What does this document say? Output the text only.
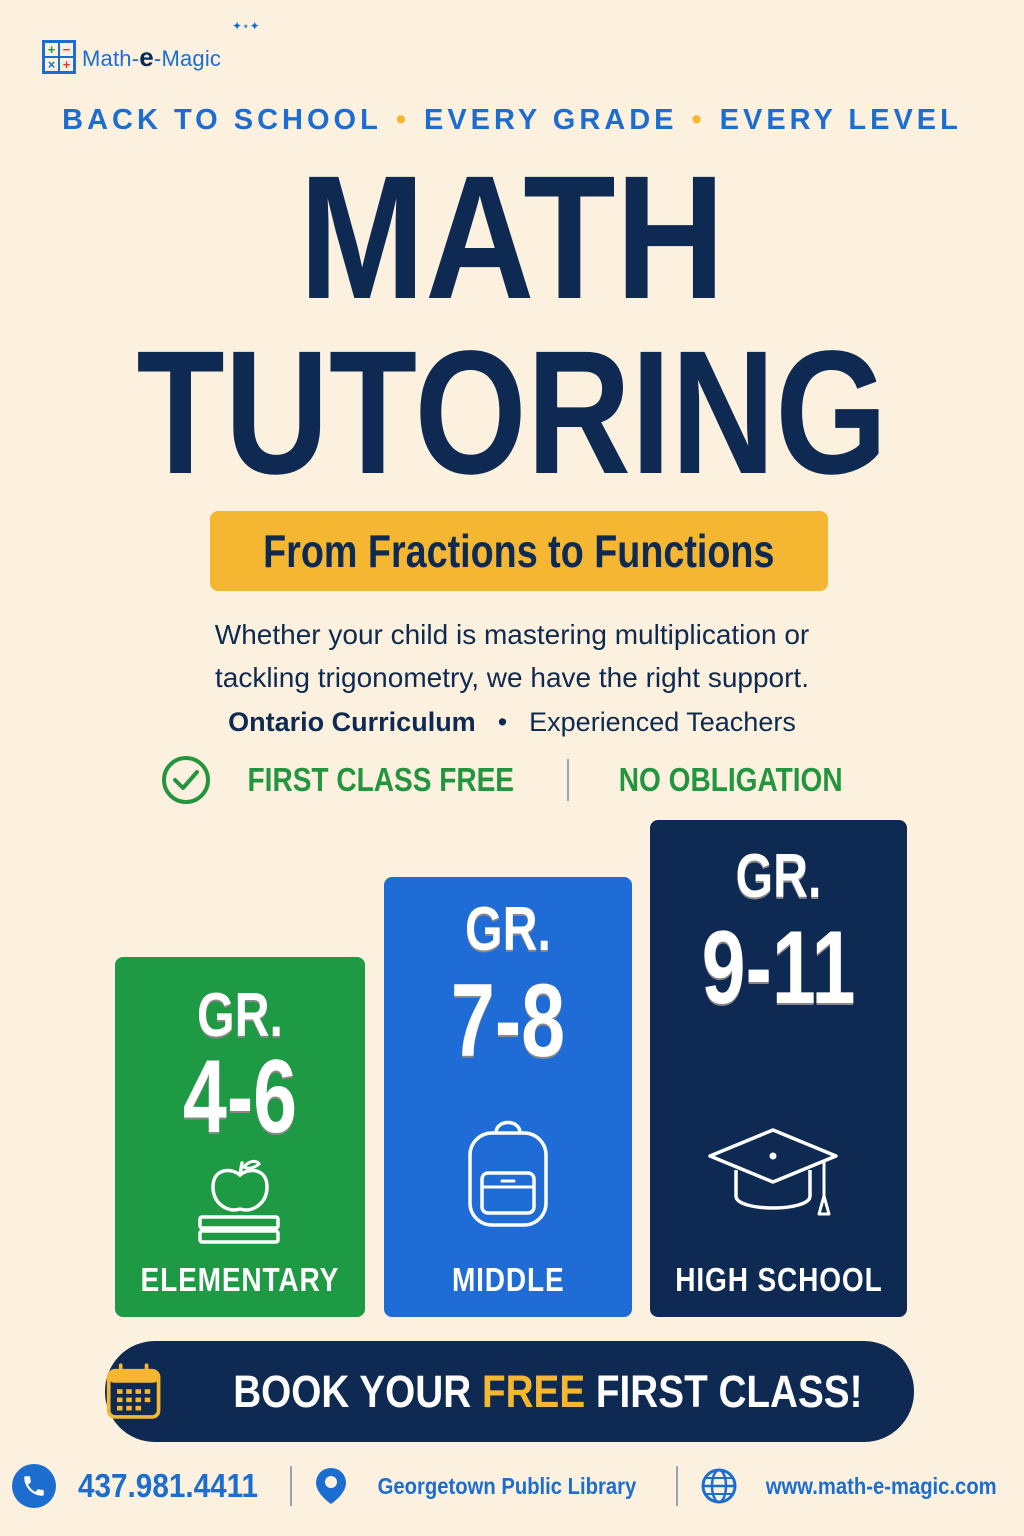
+ −
× + Math-e-Magic
✦⋆✦
BACK TO SCHOOL • EVERY GRADE • EVERY LEVEL
MATH
TUTORING
From Fractions to Functions
Whether your child is mastering multiplication or
tackling trigonometry, we have the right support.
Ontario Curriculum • Experienced Teachers
FIRST CLASS FREE	NO OBLIGATION
GR.
4-6
ELEMENTARY
GR.
7-8
MIDDLE
GR.
9-11
HIGH SCHOOL
BOOK YOUR FREE FIRST CLASS!
437.981.4411	Georgetown Public Library	www.math-e-magic.com
